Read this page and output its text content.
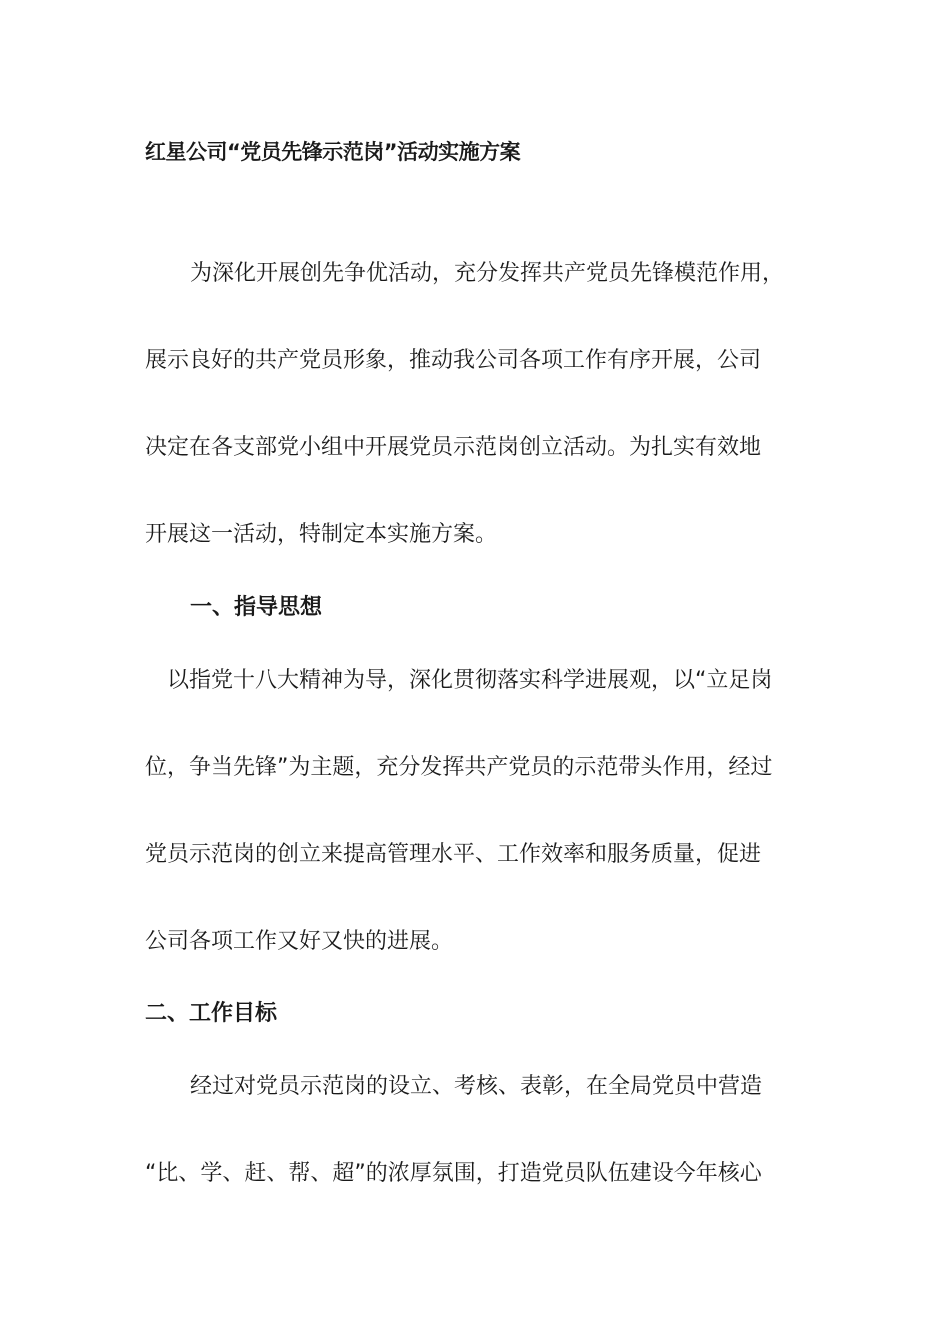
红星公司“党员先锋示范岗”活动实施方案
为深化开展创先争优活动，充分发挥共产党员先锋模范作用，
展示良好的共产党员形象，推动我公司各项工作有序开展，公司
决定在各支部党小组中开展党员示范岗创立活动。为扎实有效地
开展这一活动，特制定本实施方案。
一、指导思想
以指党十八大精神为导，深化贯彻落实科学进展观，以“立足岗
位，争当先锋”为主题，充分发挥共产党员的示范带头作用，经过
党员示范岗的创立来提高管理水平、工作效率和服务质量，促进
公司各项工作又好又快的进展。
二、工作目标
经过对党员示范岗的设立、考核、表彰，在全局党员中营造
“比、学、赶、帮、超”的浓厚氛围，打造党员队伍建设今年核心
